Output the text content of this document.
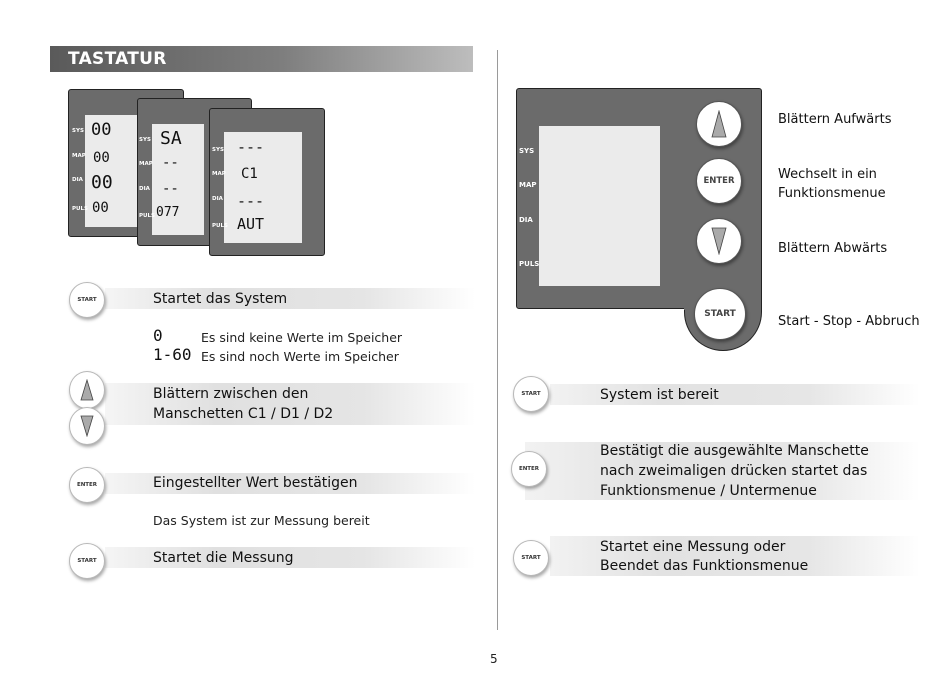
TASTATUR
SYS
MAP
DIA
PULS
00
00
00
00
SYS
MAP
DIA
PULS
SA
--
--
077
SYS
MAP
DIA
PULS
---
C1
---
AUT
START	Startet das System
0	Es sind keine Werte im Speicher
1-60 Es sind noch Werte im Speicher
Blättern zwischen den
Manschetten C1 / D1 / D2
ENTER	Eingestellter Wert bestätigen
Das System ist zur Messung bereit
START	Startet die Messung
SYS
MAP
DIA
PULS
ENTER
START
Blättern Aufwärts
Wechselt in ein
Funktionsmenue
Blättern Abwärts
Start - Stop - Abbruch
START	System ist bereit
ENTER
Bestätigt die ausgewählte Manschette
nach zweimaligen drücken startet das
Funktionsmenue / Untermenue
START
Startet eine Messung oder
Beendet das Funktionsmenue
5
